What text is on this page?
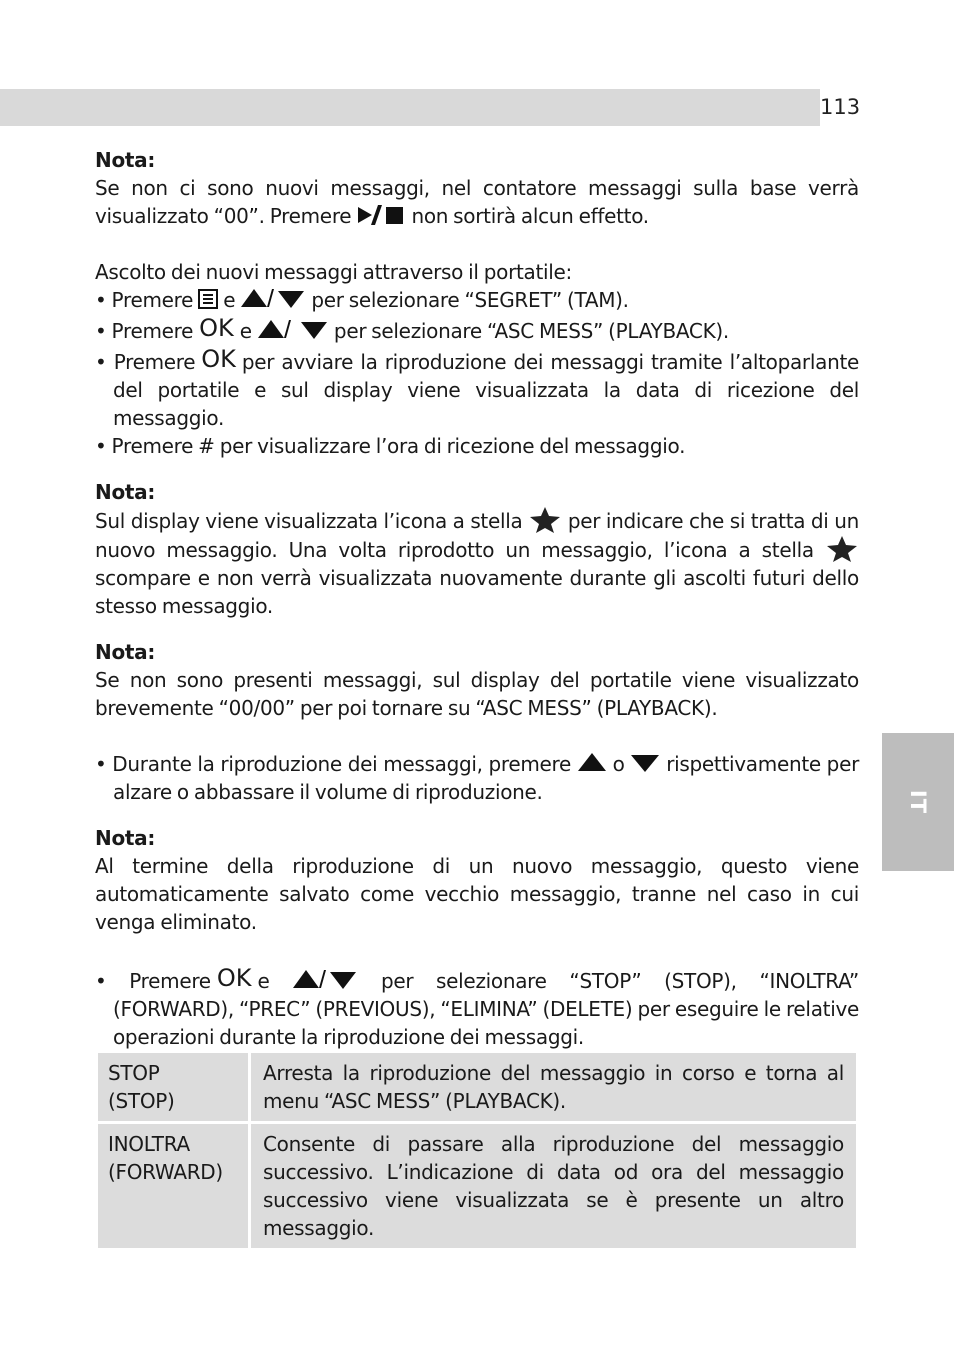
113
IT

Nota:

Se non ci sono nuovi messaggi, nel contatore messaggi sulla base verrà

visualizzato “00”. Premere	non sortirà alcun effetto.

Ascolto dei nuovi messaggi attraverso il portatile:

• Premere e	per selezionare “SEGRET” (TAM).

• Premere OK e	per selezionare “ASC MESS” (PLAYBACK).

• Premere OK per avviare la riproduzione dei messaggi tramite l’altoparlante del portatile e sul display viene visualizzata la data di ricezione del messaggio.

• Premere # per visualizzare l’ora di ricezione del messaggio.

Nota:

Sul display viene visualizzata l’icona a stella per indicare che si tratta di un nuovo messaggio. Una volta riprodotto un messaggio, l’icona a stella  scompare e non verrà visualizzata nuovamente durante gli ascolti futuri dello stesso messaggio.

Nota:

Se non sono presenti messaggi, sul display del portatile viene visualizzato brevemente “00/00” per poi tornare su “ASC MESS” (PLAYBACK).

• Durante la riproduzione dei messaggi, premere o rispettivamente per alzare o abbassare il volume di riproduzione.

Nota:

Al termine della riproduzione di un nuovo messaggio, questo viene automaticamente salvato come vecchio messaggio, tranne nel caso in cui venga eliminato.

• Premere OK e	per selezionare “STOP” (STOP), “INOLTRA” (FORWARD), “PREC” (PREVIOUS), “ELIMINA” (DELETE) per eseguire le relative operazioni durante la riproduzione dei messaggi.

STOP
(STOP)	Arresta la riproduzione del messaggio in corso e torna al menu “ASC MESS” (PLAYBACK).

INOLTRA
(FORWARD)	Consente di passare alla riproduzione del messaggio successivo. L’indicazione di data od ora del messaggio successivo viene visualizzata se è presente un altro messaggio.
